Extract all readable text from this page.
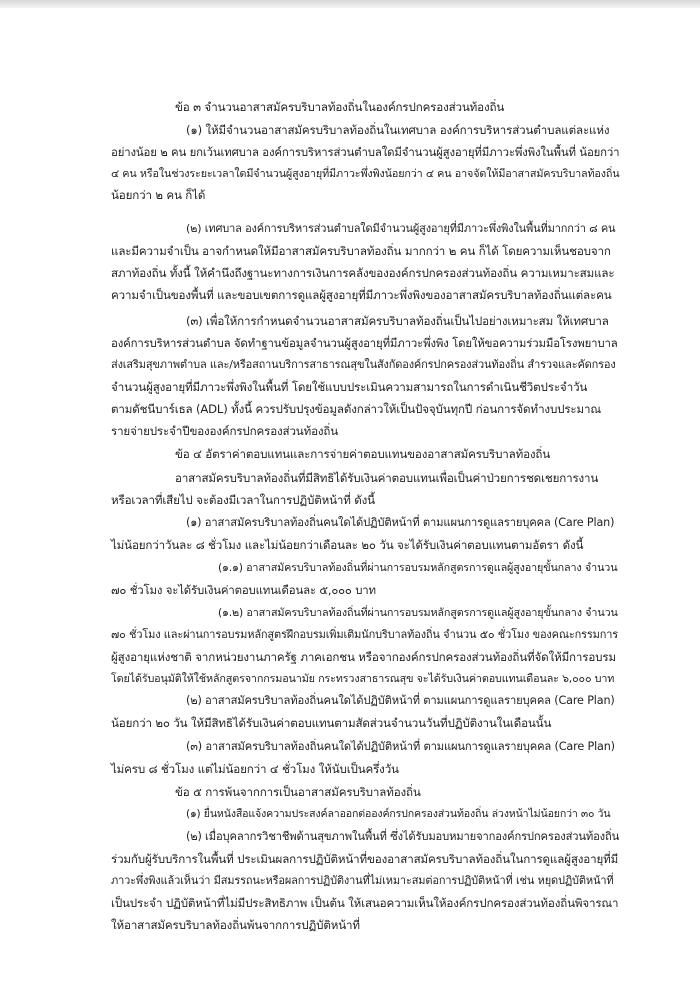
ข้อ ๓ จำนวนอาสาสมัครบริบาลท้องถิ่นในองค์กรปกครองส่วนท้องถิ่น
(๑) ให้มีจำนวนอาสาสมัครบริบาลท้องถิ่นในเทศบาล องค์การบริหารส่วนตำบลแต่ละแห่ง
อย่างน้อย ๒ คน ยกเว้นเทศบาล องค์การบริหารส่วนตำบลใดมีจำนวนผู้สูงอายุที่มีภาวะพึ่งพิงในพื้นที่ น้อยกว่า
๔ คน หรือในช่วงระยะเวลาใดมีจำนวนผู้สูงอายุที่มีภาวะพึ่งพิงน้อยกว่า ๔ คน อาจจัดให้มีอาสาสมัครบริบาลท้องถิ่น
น้อยกว่า ๒ คน ก็ได้
(๒) เทศบาล องค์การบริหารส่วนตำบลใดมีจำนวนผู้สูงอายุที่มีภาวะพึ่งพิงในพื้นที่มากกว่า ๘ คน
และมีความจำเป็น อาจกำหนดให้มีอาสาสมัครบริบาลท้องถิ่น มากกว่า ๒ คน ก็ได้ โดยความเห็นชอบจาก
สภาท้องถิ่น ทั้งนี้ ให้คำนึงถึงฐานะทางการเงินการคลังขององค์กรปกครองส่วนท้องถิ่น ความเหมาะสมและ
ความจำเป็นของพื้นที่ และขอบเขตการดูแลผู้สูงอายุที่มีภาวะพึ่งพิงของอาสาสมัครบริบาลท้องถิ่นแต่ละคน
(๓) เพื่อให้การกำหนดจำนวนอาสาสมัครบริบาลท้องถิ่นเป็นไปอย่างเหมาะสม ให้เทศบาล
องค์การบริหารส่วนตำบล จัดทำฐานข้อมูลจำนวนผู้สูงอายุที่มีภาวะพึ่งพิง โดยให้ขอความร่วมมือโรงพยาบาล
ส่งเสริมสุขภาพตำบล และ/หรือสถานบริการสาธารณสุขในสังกัดองค์กรปกครองส่วนท้องถิ่น สำรวจและคัดกรอง
จำนวนผู้สูงอายุที่มีภาวะพึ่งพิงในพื้นที่ โดยใช้แบบประเมินความสามารถในการดำเนินชีวิตประจำวัน
ตามดัชนีบาร์เธล (ADL) ทั้งนี้ ควรปรับปรุงข้อมูลดังกล่าวให้เป็นปัจจุบันทุกปี ก่อนการจัดทำงบประมาณ
รายจ่ายประจำปีขององค์กรปกครองส่วนท้องถิ่น
ข้อ ๔ อัตราค่าตอบแทนและการจ่ายค่าตอบแทนของอาสาสมัครบริบาลท้องถิ่น
อาสาสมัครบริบาลท้องถิ่นที่มีสิทธิได้รับเงินค่าตอบแทนเพื่อเป็นค่าป่วยการชดเชยการงาน
หรือเวลาที่เสียไป จะต้องมีเวลาในการปฏิบัติหน้าที่ ดังนี้
(๑) อาสาสมัครบริบาลท้องถิ่นคนใดได้ปฏิบัติหน้าที่ ตามแผนการดูแลรายบุคคล (Care Plan)
ไม่น้อยกว่าวันละ ๘ ชั่วโมง และไม่น้อยกว่าเดือนละ ๒๐ วัน จะได้รับเงินค่าตอบแทนตามอัตรา ดังนี้
(๑.๑) อาสาสมัครบริบาลท้องถิ่นที่ผ่านการอบรมหลักสูตรการดูแลผู้สูงอายุขั้นกลาง จำนวน
๗๐ ชั่วโมง จะได้รับเงินค่าตอบแทนเดือนละ ๕,๐๐๐ บาท
(๑.๒) อาสาสมัครบริบาลท้องถิ่นที่ผ่านการอบรมหลักสูตรการดูแลผู้สูงอายุขั้นกลาง จำนวน
๗๐ ชั่วโมง และผ่านการอบรมหลักสูตรฝึกอบรมเพิ่มเติมนักบริบาลท้องถิ่น จำนวน ๕๐ ชั่วโมง ของคณะกรรมการ
ผู้สูงอายุแห่งชาติ จากหน่วยงานภาครัฐ ภาคเอกชน หรือจากองค์กรปกครองส่วนท้องถิ่นที่จัดให้มีการอบรม
โดยได้รับอนุมัติให้ใช้หลักสูตรจากกรมอนามัย กระทรวงสาธารณสุข จะได้รับเงินค่าตอบแทนเดือนละ ๖,๐๐๐ บาท
(๒) อาสาสมัครบริบาลท้องถิ่นคนใดได้ปฏิบัติหน้าที่ ตามแผนการดูแลรายบุคคล (Care Plan)
น้อยกว่า ๒๐ วัน ให้มีสิทธิได้รับเงินค่าตอบแทนตามสัดส่วนจำนวนวันที่ปฏิบัติงานในเดือนนั้น
(๓) อาสาสมัครบริบาลท้องถิ่นคนใดได้ปฏิบัติหน้าที่ ตามแผนการดูแลรายบุคคล (Care Plan)
ไม่ครบ ๘ ชั่วโมง แต่ไม่น้อยกว่า ๔ ชั่วโมง ให้นับเป็นครึ่งวัน
ข้อ ๕ การพ้นจากการเป็นอาสาสมัครบริบาลท้องถิ่น
(๑) ยื่นหนังสือแจ้งความประสงค์ลาออกต่อองค์กรปกครองส่วนท้องถิ่น ล่วงหน้าไม่น้อยกว่า ๓๐ วัน
(๒) เมื่อบุคลากรวิชาชีพด้านสุขภาพในพื้นที่ ซึ่งได้รับมอบหมายจากองค์กรปกครองส่วนท้องถิ่น
ร่วมกับผู้รับบริการในพื้นที่ ประเมินผลการปฏิบัติหน้าที่ของอาสาสมัครบริบาลท้องถิ่นในการดูแลผู้สูงอายุที่มี
ภาวะพึ่งพิงแล้วเห็นว่า มีสมรรถนะหรือผลการปฏิบัติงานที่ไม่เหมาะสมต่อการปฏิบัติหน้าที่ เช่น หยุดปฏิบัติหน้าที่
เป็นประจำ ปฏิบัติหน้าที่ไม่มีประสิทธิภาพ เป็นต้น ให้เสนอความเห็นให้องค์กรปกครองส่วนท้องถิ่นพิจารณา
ให้อาสาสมัครบริบาลท้องถิ่นพ้นจากการปฏิบัติหน้าที่
